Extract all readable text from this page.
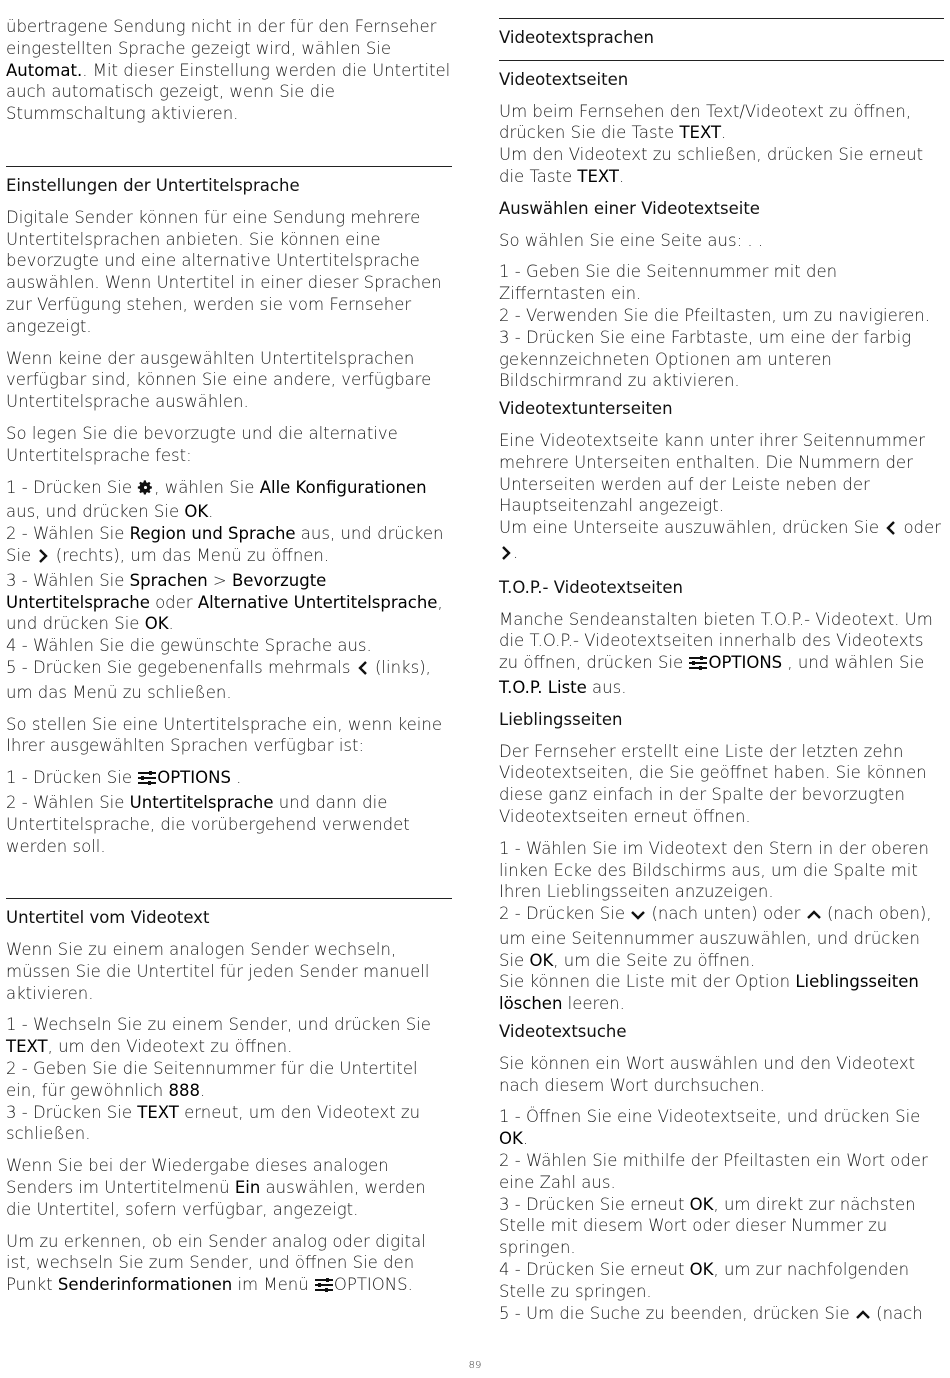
übertragene Sendung nicht in der für den Fernseher eingestellten Sprache gezeigt wird, wählen Sie Automat.. Mit dieser Einstellung werden die Untertitel auch automatisch gezeigt, wenn Sie die Stummschaltung aktivieren.

Einstellungen der Untertitelsprache

Digitale Sender können für eine Sendung mehrere Untertitelsprachen anbieten. Sie können eine bevorzugte und eine alternative Untertitelsprache auswählen. Wenn Untertitel in einer dieser Sprachen zur Verfügung stehen, werden sie vom Fernseher angezeigt.

Wenn keine der ausgewählten Untertitelsprachen verfügbar sind, können Sie eine andere, verfügbare Untertitelsprache auswählen.

So legen Sie die bevorzugte und die alternative Untertitelsprache fest:

1 - Drücken Sie , wählen Sie Alle Konfigurationen aus, und drücken Sie OK.

2 - Wählen Sie Region und Sprache aus, und drücken Sie  (rechts), um das Menü zu öffnen.

3 - Wählen Sie Sprachen > Bevorzugte Untertitelsprache oder Alternative Untertitelsprache, und drücken Sie OK.

4 - Wählen Sie die gewünschte Sprache aus.

5 - Drücken Sie gegebenenfalls mehrmals  (links), um das Menü zu schließen.

So stellen Sie eine Untertitelsprache ein, wenn keine Ihrer ausgewählten Sprachen verfügbar ist:

1 - Drücken Sie OPTIONS .

2 - Wählen Sie Untertitelsprache und dann die Untertitelsprache, die vorübergehend verwendet werden soll.

Untertitel vom Videotext

Wenn Sie zu einem analogen Sender wechseln, müssen Sie die Untertitel für jeden Sender manuell aktivieren.

1 - Wechseln Sie zu einem Sender, und drücken Sie TEXT, um den Videotext zu öffnen.

2 - Geben Sie die Seitennummer für die Untertitel ein, für gewöhnlich 888.

3 - Drücken Sie TEXT erneut, um den Videotext zu schließen.

Wenn Sie bei der Wiedergabe dieses analogen Senders im Untertitelmenü Ein auswählen, werden die Untertitel, sofern verfügbar, angezeigt.

Um zu erkennen, ob ein Sender analog oder digital ist, wechseln Sie zum Sender, und öffnen Sie den Punkt Senderinformationen im Menü OPTIONS.

Videotextsprachen
Videotextseiten

Um beim Fernsehen den Text/Videotext zu öffnen, drücken Sie die Taste TEXT.

Um den Videotext zu schließen, drücken Sie erneut die Taste TEXT.

Auswählen einer Videotextseite

So wählen Sie eine Seite aus: . .

1 - Geben Sie die Seitennummer mit den Zifferntasten ein.

2 - Verwenden Sie die Pfeiltasten, um zu navigieren.

3 - Drücken Sie eine Farbtaste, um eine der farbig gekennzeichneten Optionen am unteren Bildschirmrand zu aktivieren.

Videotextunterseiten

Eine Videotextseite kann unter ihrer Seitennummer mehrere Unterseiten enthalten. Die Nummern der Unterseiten werden auf der Leiste neben der Hauptseitenzahl angezeigt.

Um eine Unterseite auszuwählen, drücken Sie  oder .

T.O.P.- Videotextseiten

Manche Sendeanstalten bieten T.O.P.- Videotext. Um die T.O.P.- Videotextseiten innerhalb des Videotexts zu öffnen, drücken Sie OPTIONS , und wählen Sie T.O.P. Liste aus.

Lieblingsseiten

Der Fernseher erstellt eine Liste der letzten zehn Videotextseiten, die Sie geöffnet haben. Sie können diese ganz einfach in der Spalte der bevorzugten Videotextseiten erneut öffnen.

1 - Wählen Sie im Videotext den Stern in der oberen linken Ecke des Bildschirms aus, um die Spalte mit Ihren Lieblingsseiten anzuzeigen.

2 - Drücken Sie  (nach unten) oder  (nach oben), um eine Seitennummer auszuwählen, und drücken Sie OK, um die Seite zu öffnen.

Sie können die Liste mit der Option Lieblingsseiten löschen leeren.

Videotextsuche

Sie können ein Wort auswählen und den Videotext nach diesem Wort durchsuchen.

1 - Öffnen Sie eine Videotextseite, und drücken Sie OK.

2 - Wählen Sie mithilfe der Pfeiltasten ein Wort oder eine Zahl aus.

3 - Drücken Sie erneut OK, um direkt zur nächsten Stelle mit diesem Wort oder dieser Nummer zu springen.

4 - Drücken Sie erneut OK, um zur nachfolgenden Stelle zu springen.

5 - Um die Suche zu beenden, drücken Sie  (nach

89
